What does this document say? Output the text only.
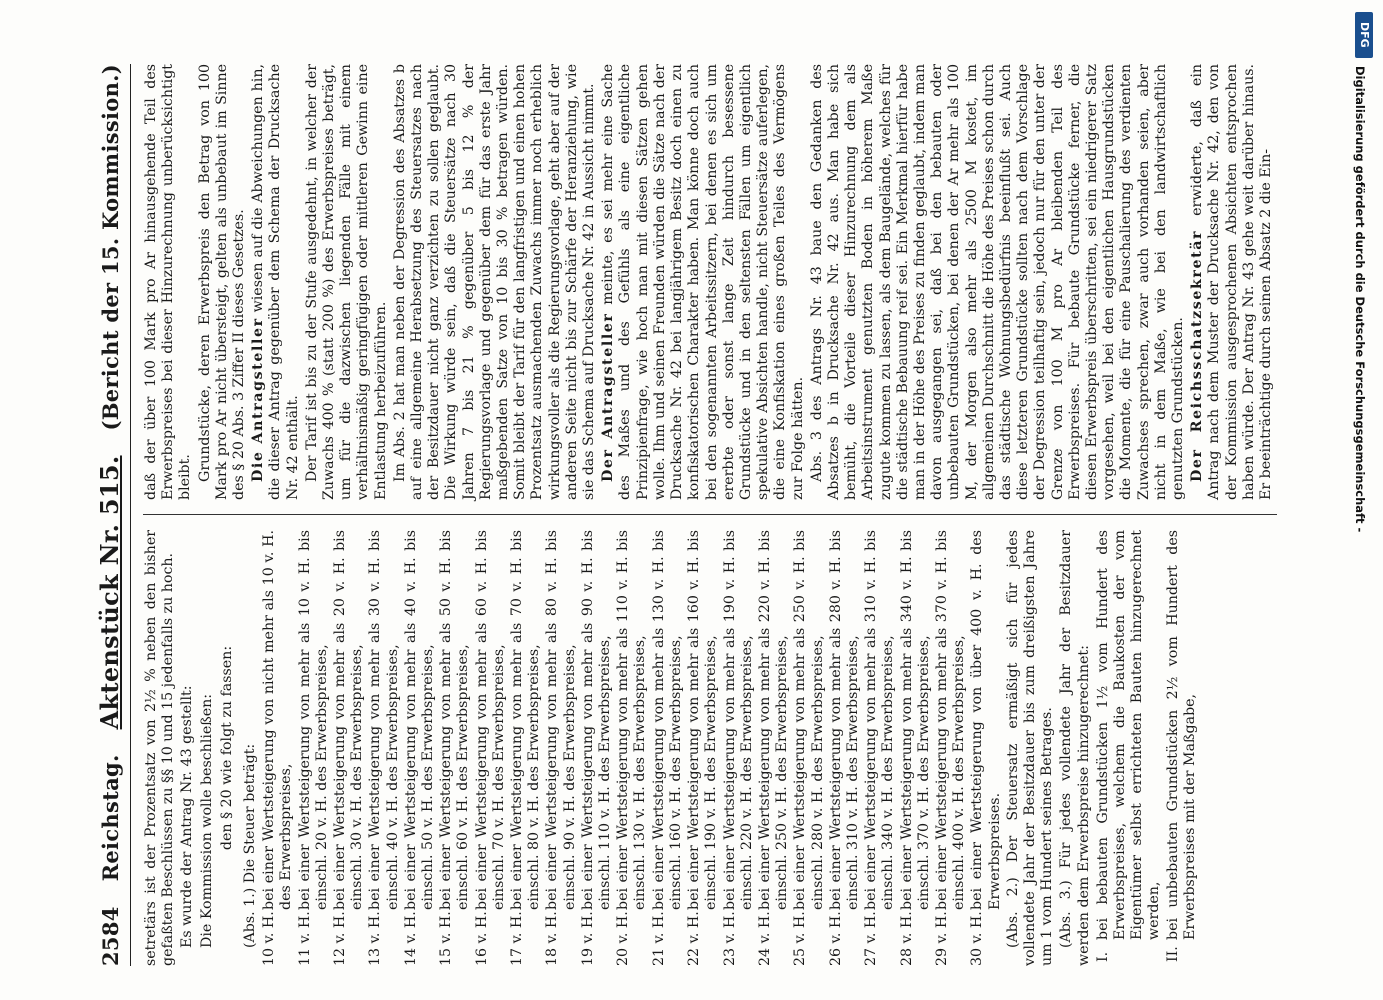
2584
Reichstag.
Aktenstück Nr. 515.
(Bericht der 15. Kommission.)

setretärs ist der Prozentsatz von 2½ % neben den bisher gefaßten Beschlüssen zu §§ 10 und 15 jedenfalls zu hoch. Es wurde der Antrag Nr. 43 gestellt: Die Kommission wolle beschließen: den § 20 wie folgt zu fassen: (Abs. 1.) Die Steuer beträgt: 10 v. H.
bei einer Wertsteigerung von nicht mehr als 10 v. H. des Erwerbspreises,
11 v. H.
bei einer Wertsteigerung von mehr als 10 v. H. bis einschl. 20 v. H. des Erwerbspreises,
12 v. H.
bei einer Wertsteigerung von mehr als 20 v. H. bis einschl. 30 v. H. des Erwerbspreises,
13 v. H.
bei einer Wertsteigerung von mehr als 30 v. H. bis einschl. 40 v. H. des Erwerbspreises,
14 v. H.
bei einer Wertsteigerung von mehr als 40 v. H. bis einschl. 50 v. H. des Erwerbspreises,
15 v. H.
bei einer Wertsteigerung von mehr als 50 v. H. bis einschl. 60 v. H. des Erwerbspreises,
16 v. H.
bei einer Wertsteigerung von mehr als 60 v. H. bis einschl. 70 v. H. des Erwerbspreises,
17 v. H.
bei einer Wertsteigerung von mehr als 70 v. H. bis einschl. 80 v. H. des Erwerbspreises,
18 v. H.
bei einer Wertsteigerung von mehr als 80 v. H. bis einschl. 90 v. H. des Erwerbspreises,
19 v. H.
bei einer Wertsteigerung von mehr als 90 v. H. bis einschl. 110 v. H. des Erwerbspreises,
20 v. H.
bei einer Wertsteigerung von mehr als 110 v. H. bis einschl. 130 v. H. des Erwerbspreises,
21 v. H.
bei einer Wertsteigerung von mehr als 130 v. H. bis einschl. 160 v. H. des Erwerbspreises,
22 v. H.
bei einer Wertsteigerung von mehr als 160 v. H. bis einschl. 190 v. H. des Erwerbspreises,
23 v. H.
bei einer Wertsteigerung von mehr als 190 v. H. bis einschl. 220 v. H. des Erwerbspreises,
24 v. H.
bei einer Wertsteigerung von mehr als 220 v. H. bis einschl. 250 v. H. des Erwerbspreises,
25 v. H.
bei einer Wertsteigerung von mehr als 250 v. H. bis einschl. 280 v. H. des Erwerbspreises,
26 v. H.
bei einer Wertsteigerung von mehr als 280 v. H. bis einschl. 310 v. H. des Erwerbspreises,
27 v. H.
bei einer Wertsteigerung von mehr als 310 v. H. bis einschl. 340 v. H. des Erwerbspreises,
28 v. H.
bei einer Wertsteigerung von mehr als 340 v. H. bis einschl. 370 v. H. des Erwerbspreises,
29 v. H.
bei einer Wertsteigerung von mehr als 370 v. H. bis einschl. 400 v. H. des Erwerbspreises,
30 v. H.
bei einer Wertsteigerung von über 400 v. H. des Erwerbspreises. (Abs. 2.) Der Steuersatz ermäßigt sich für jedes vollendete Jahr der Besitzdauer bis zum dreißigsten Jahre um 1 vom Hundert seines Betrages. (Abs. 3.) Für jedes vollendete Jahr der Besitzdauer werden dem Erwerbspreise hinzugerechnet: I.
bei bebauten Grundstücken 1½ vom Hundert des Erwerbspreises, welchem die Baukosten der vom Eigentümer selbst errichteten Bauten hinzugerechnet werden,
II.
bei unbebauten Grundstücken 2½ vom Hundert des Erwerbspreises mit der Maßgabe,

daß der über 100 Mark pro Ar hinausgehende Teil des Erwerbspreises bei dieser Hinzurechnung unberücksichtigt bleibt. Grundstücke, deren Erwerbspreis den Betrag von 100 Mark pro Ar nicht übersteigt, gelten als unbebaut im Sinne des § 20 Abs. 3 Ziffer II dieses Gesetzes. Die Antragsteller wiesen auf die Abweichungen hin, die dieser Antrag gegenüber dem Schema der Drucksache Nr. 42 enthält. Der Tarif ist bis zu der Stufe ausgedehnt, in welcher der Zuwachs 400 % (statt 200 %) des Erwerbspreises beträgt, um für die dazwischen liegenden Fälle mit einem verhältnismäßig geringfügigen oder mittleren Gewinn eine Entlastung herbeizuführen. Im Abs. 2 hat man neben der Degression des Absatzes b auf eine allgemeine Herabsetzung des Steuersatzes nach der Besitzdauer nicht ganz verzichten zu sollen geglaubt. Die Wirkung würde sein, daß die Steuersätze nach 30 Jahren 7 bis 21 % gegenüber 5 bis 12 % der Regierungsvorlage und gegenüber dem für das erste Jahr maßgebenden Satze von 10 bis 30 % betragen würden. Somit bleibt der Tarif für den langfristigen und einen hohen Prozentsatz ausmachenden Zuwachs immer noch erheblich wirkungsvoller als die Regierungsvorlage, geht aber auf der anderen Seite nicht bis zur Schärfe der Heranziehung, wie sie das Schema auf Drucksache Nr. 42 in Aussicht nimmt. Der Antragsteller meinte, es sei mehr eine Sache des Maßes und des Gefühls als eine eigentliche Prinzipienfrage, wie hoch man mit diesen Sätzen gehen wolle. Ihm und seinen Freunden würden die Sätze nach der Drucksache Nr. 42 bei langjährigem Besitz doch einen zu konfiskatorischen Charakter haben. Man könne doch auch bei den sogenannten Arbeitssitzern, bei denen es sich um ererbte oder sonst lange Zeit hindurch besessene Grundstücke und in den seltensten Fällen um eigentlich spekulative Absichten handle, nicht Steuersätze auferlegen, die eine Konfiskation eines großen Teiles des Vermögens zur Folge hätten. Abs. 3 des Antrags Nr. 43 baue den Gedanken des Absatzes b in Drucksache Nr. 42 aus. Man habe sich bemüht, die Vorteile dieser Hinzurechnung dem als Arbeitsinstrument genutzten Boden in höherem Maße zugute kommen zu lassen, als dem Baugelände, welches für die städtische Bebauung reif sei. Ein Merkmal hierfür habe man in der Höhe des Preises zu finden geglaubt, indem man davon ausgegangen sei, daß bei den bebauten oder unbebauten Grundstücken, bei denen der Ar mehr als 100 M, der Morgen also mehr als 2500 M kostet, im allgemeinen Durchschnitt die Höhe des Preises schon durch das städtische Wohnungsbedürfnis beeinflußt sei. Auch diese letzteren Grundstücke sollten nach dem Vorschlage der Degression teilhaftig sein, jedoch nur für den unter der Grenze von 100 M pro Ar bleibenden Teil des Erwerbspreises. Für bebaute Grundstücke ferner, die diesen Erwerbspreis überschritten, sei ein niedrigerer Satz vorgesehen, weil bei den eigentlichen Hausgrundstücken die Momente, die für eine Pauschalierung des verdienten Zuwachses sprechen, zwar auch vorhanden seien, aber nicht in dem Maße, wie bei den landwirtschaftlich genutzten Grundstücken. Der Reichsschatzsekretär erwiderte, daß ein Antrag nach dem Muster der Drucksache Nr. 42, den von der Kommission ausgesprochenen Absichten entsprochen haben würde. Der Antrag Nr. 43 gehe weit darüber hinaus. Er beeinträchtige durch seinen Absatz 2 die Ein-

DFG
Digitalisierung gefördert durch die Deutsche Forschungsgemeinschaft -
